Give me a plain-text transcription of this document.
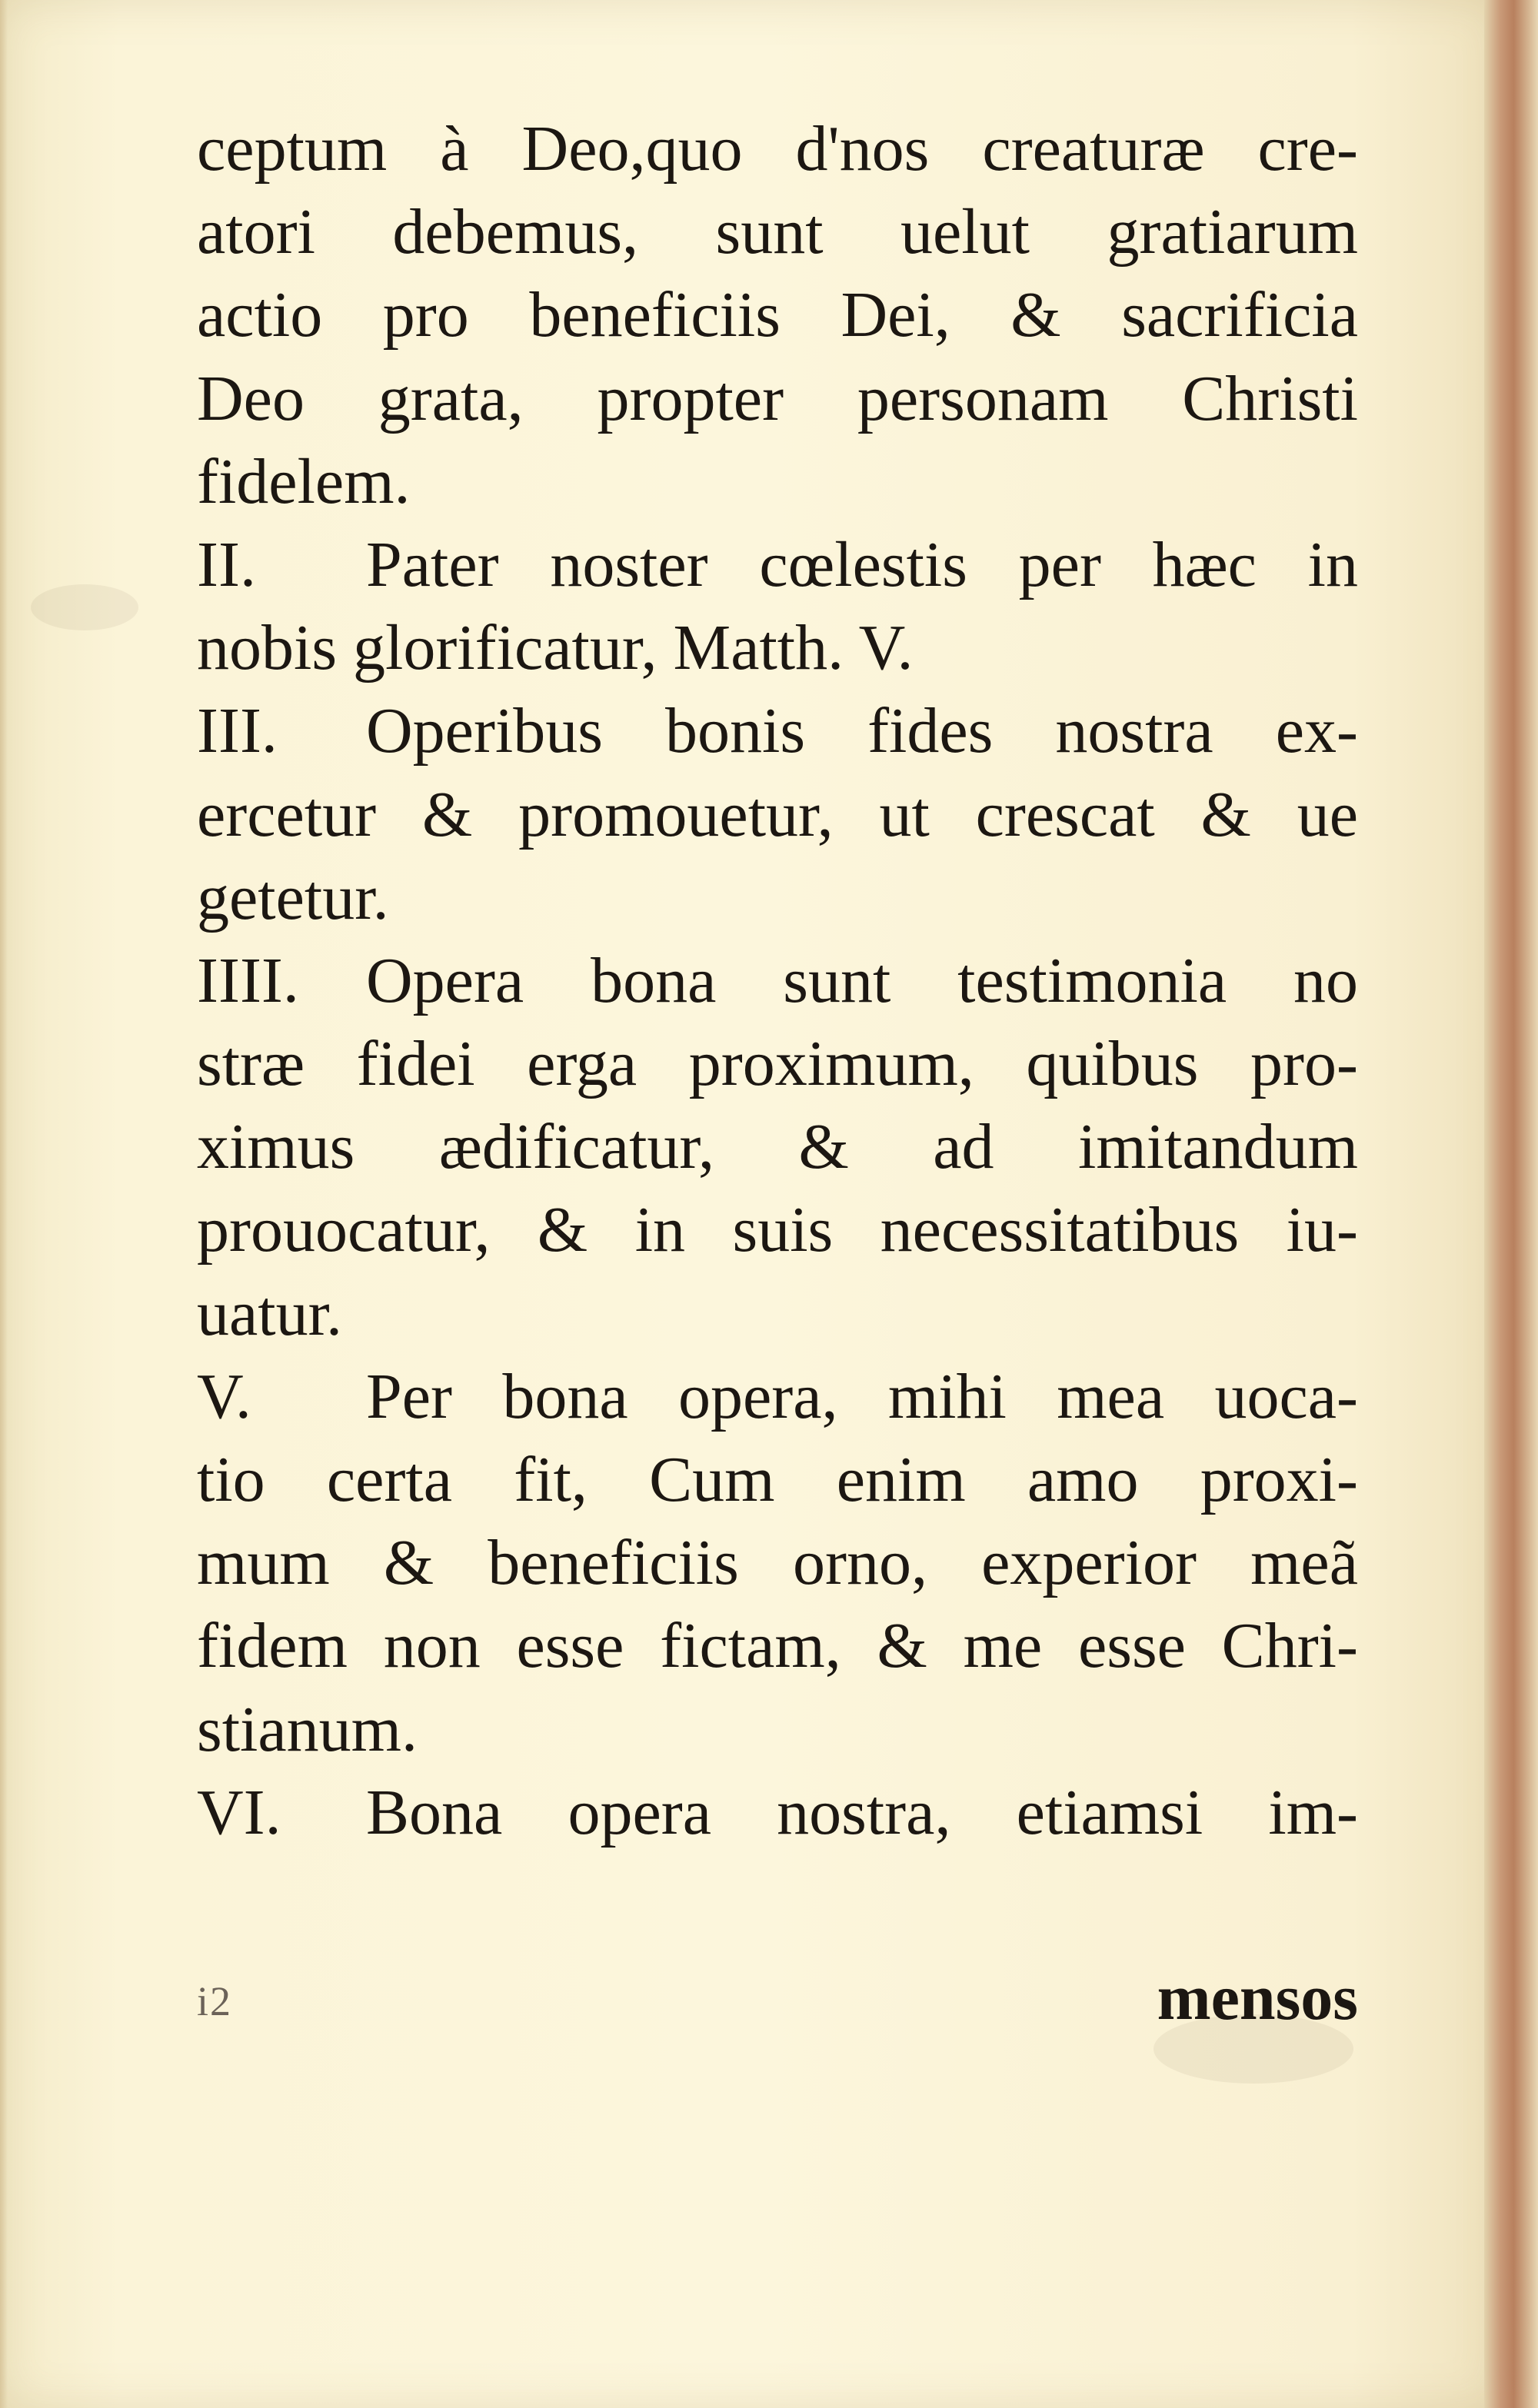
ceptum à Deo,quo d'nos creaturæ cre-
atori debemus, sunt uelut gratiarum
actio pro beneficiis Dei, & sacrificia
Deo grata, propter personam Christi
fidelem.
II.	Pater noster cœlestis per hæc in
nobis glorificatur, Matth. V.
III.	Operibus bonis fides nostra ex-
ercetur & promouetur, ut crescat & ue
getetur.
IIII.	Opera bona sunt testimonia no
stræ fidei erga proximum, quibus pro-
ximus ædificatur, & ad imitandum
prouocatur, & in suis necessitatibus iu-
uatur.
V.	Per bona opera, mihi mea uoca-
tio certa fit, Cum enim amo proxi-
mum & beneficiis orno, experior meã
fidem non esse fictam, & me esse Chri-
stianum.
VI.	Bona opera nostra, etiamsi im-
i2	mensos
